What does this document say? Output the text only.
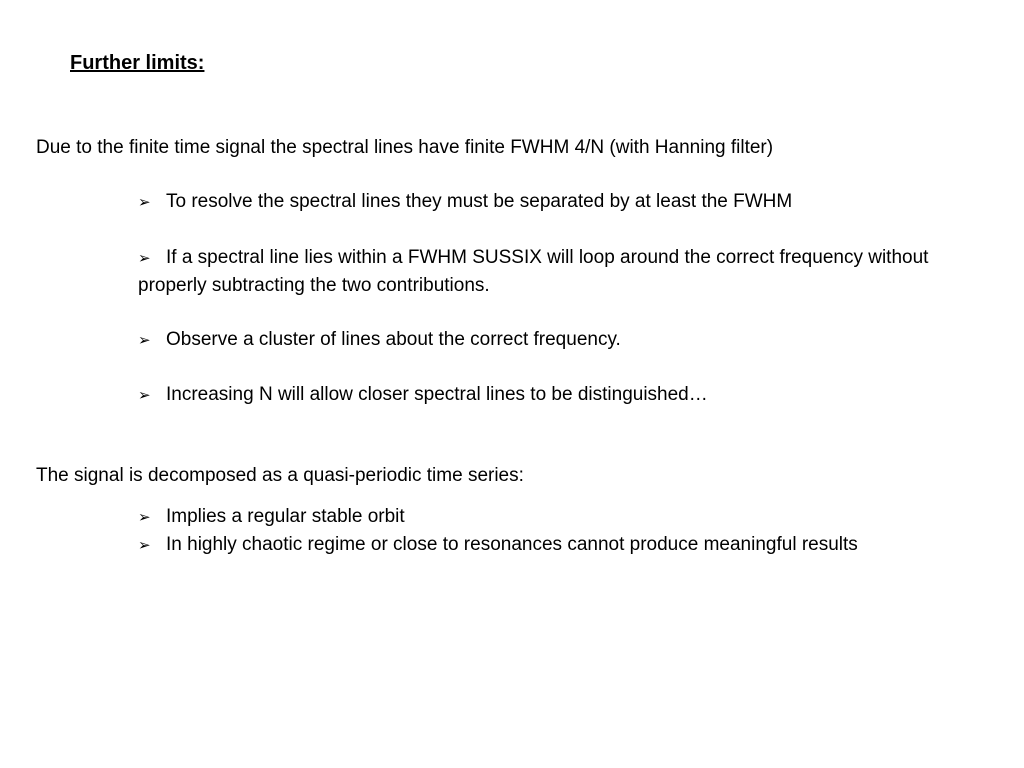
Further limits:
Due to the finite time signal the spectral lines have finite FWHM 4/N (with Hanning filter)
➢ To resolve the spectral lines they must be separated by at least the FWHM
➢ If a spectral line lies within a FWHM SUSSIX will loop around the correct frequency without properly subtracting the two contributions.
➢ Observe a cluster of lines about the correct frequency.
➢ Increasing N will allow closer spectral lines to be distinguished…
The signal is decomposed as a quasi-periodic time series:
➢ Implies a regular stable orbit
➢ In highly chaotic regime or close to resonances cannot produce meaningful results
